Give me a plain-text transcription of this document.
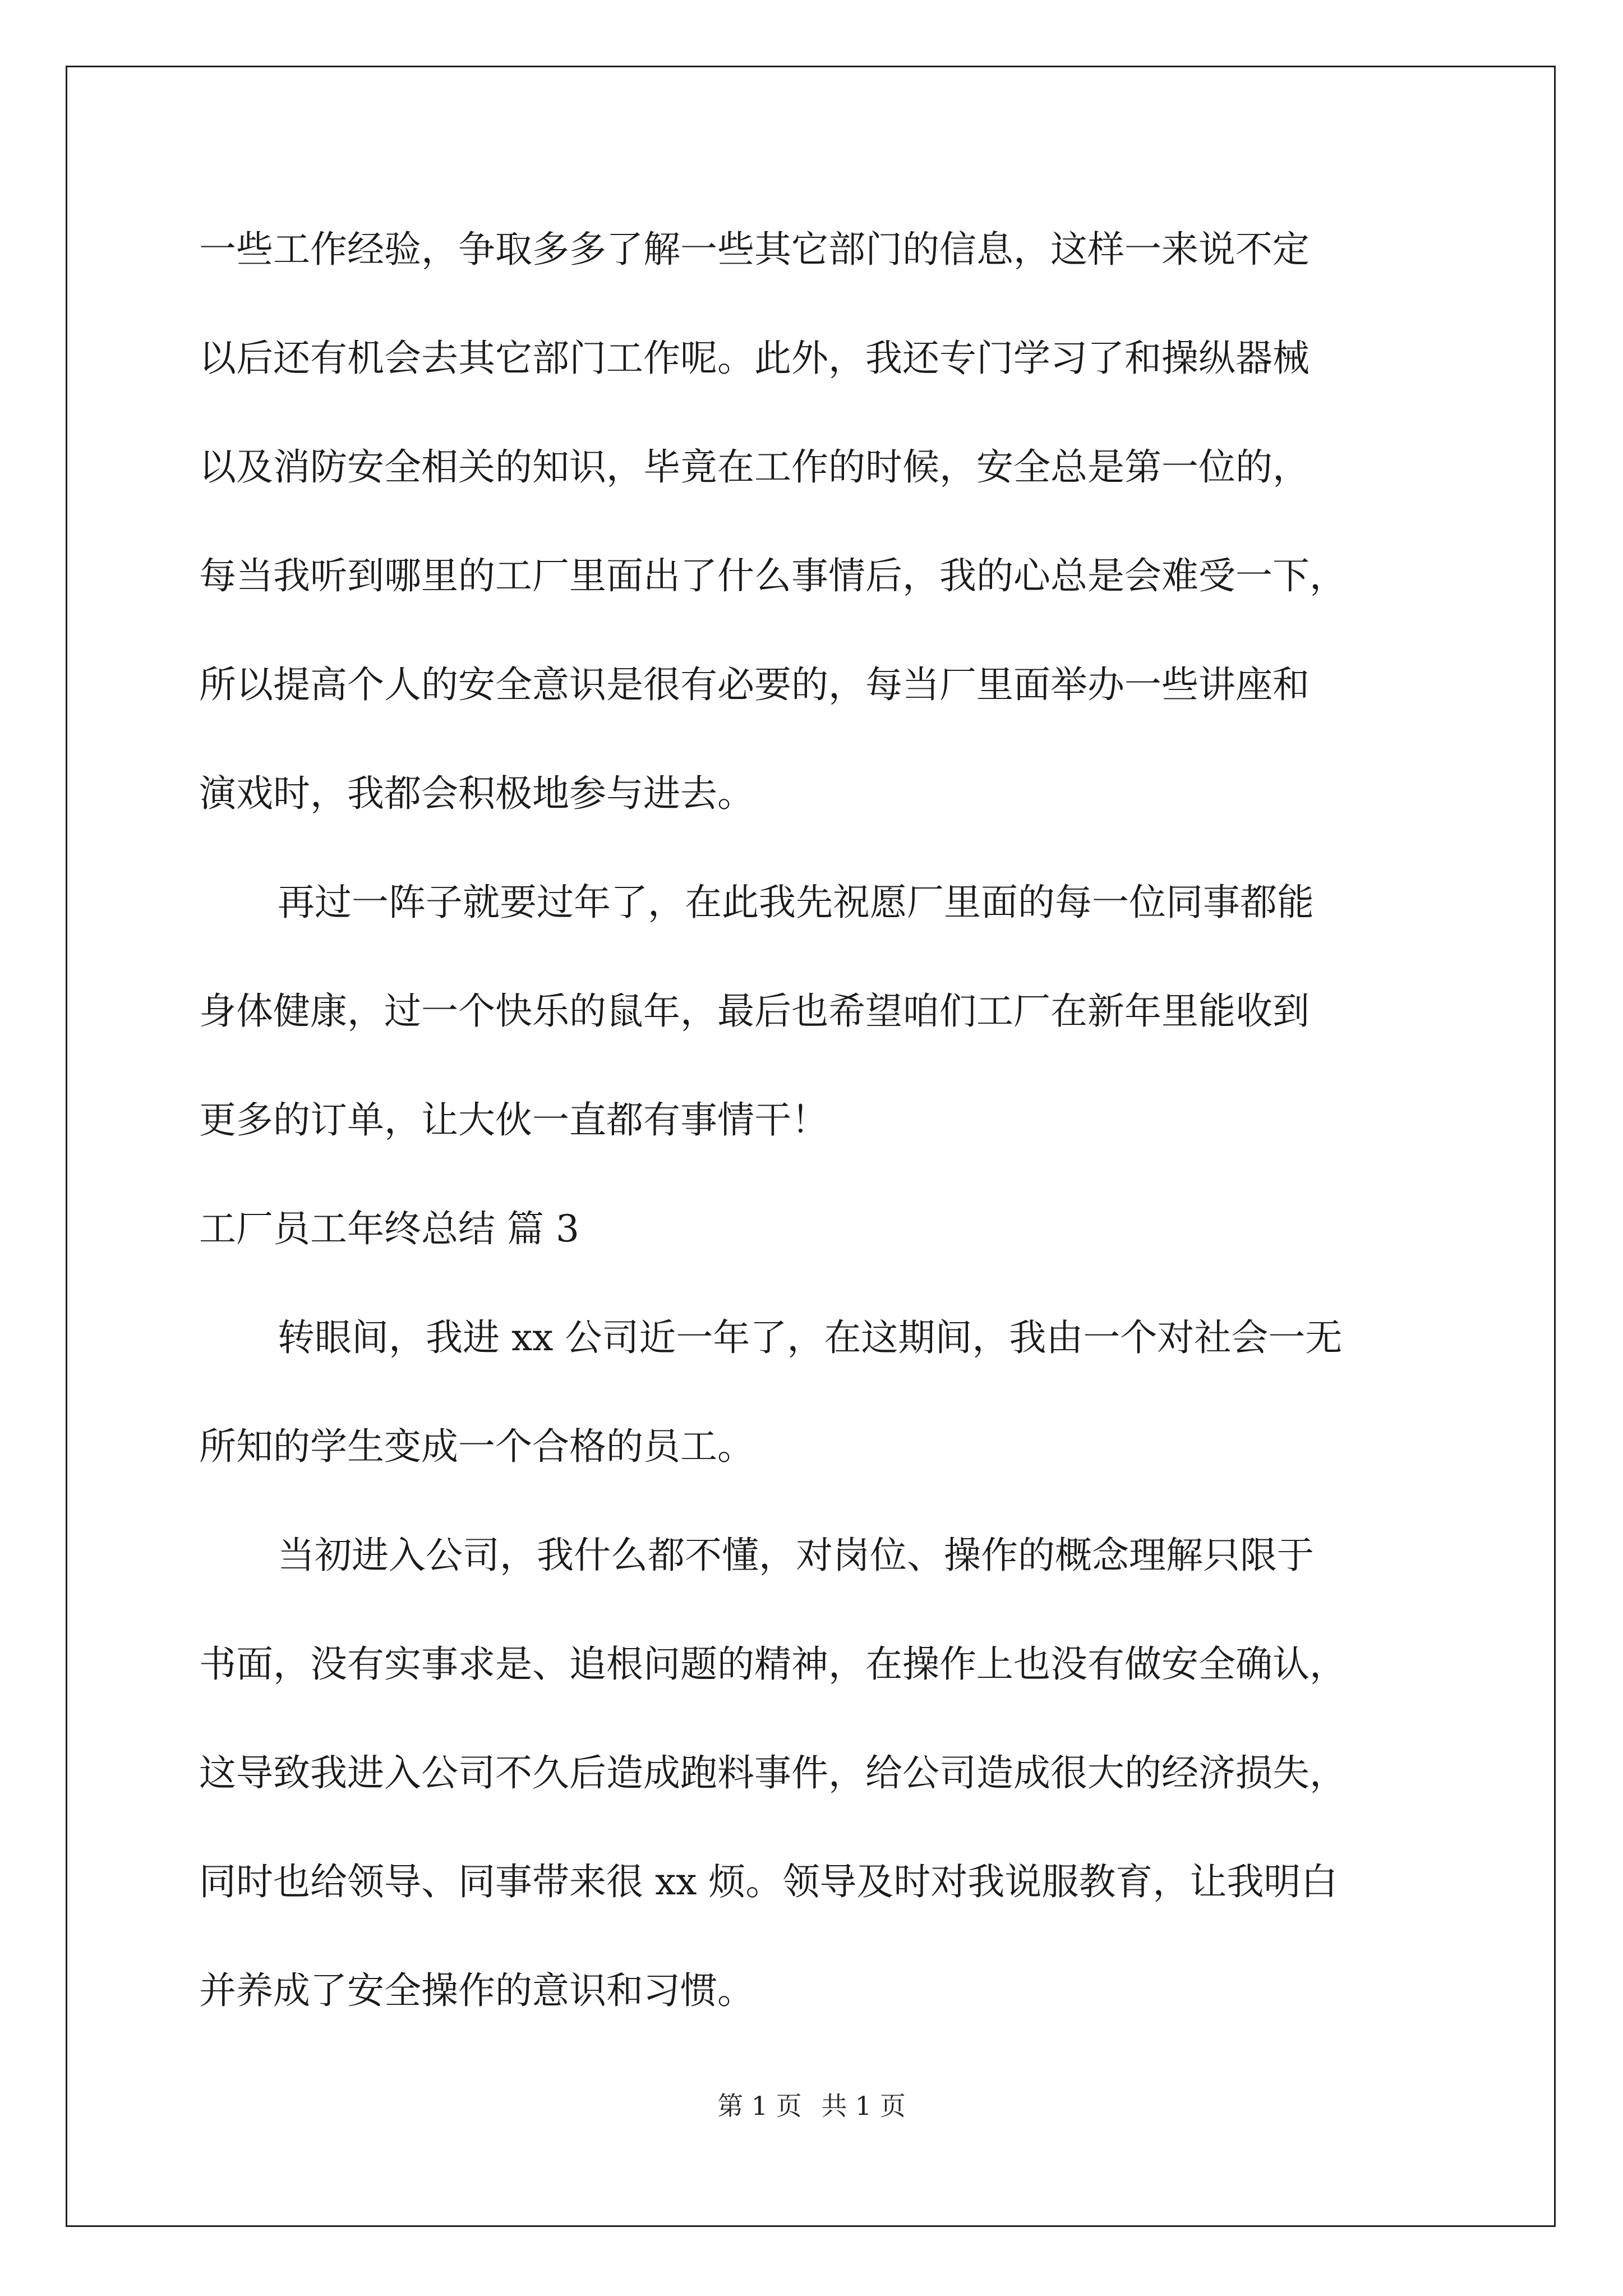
一些工作经验，争取多多了解一些其它部门的信息，这样一来说不定
以后还有机会去其它部门工作呢。此外，我还专门学习了和操纵器械
以及消防安全相关的知识，毕竟在工作的时候，安全总是第一位的，
每当我听到哪里的工厂里面出了什么事情后，我的心总是会难受一下，
所以提高个人的安全意识是很有必要的，每当厂里面举办一些讲座和
演戏时，我都会积极地参与进去。
再过一阵子就要过年了，在此我先祝愿厂里面的每一位同事都能
身体健康，过一个快乐的鼠年，最后也希望咱们工厂在新年里能收到
更多的订单，让大伙一直都有事情干！
工厂员工年终总结 篇 3
转眼间，我进 xx 公司近一年了，在这期间，我由一个对社会一无
所知的学生变成一个合格的员工。
当初进入公司，我什么都不懂，对岗位、操作的概念理解只限于
书面，没有实事求是、追根问题的精神，在操作上也没有做安全确认，
这导致我进入公司不久后造成跑料事件，给公司造成很大的经济损失，
同时也给领导、同事带来很 xx 烦。领导及时对我说服教育，让我明白
并养成了安全操作的意识和习惯。
第 1 页 共 1 页
